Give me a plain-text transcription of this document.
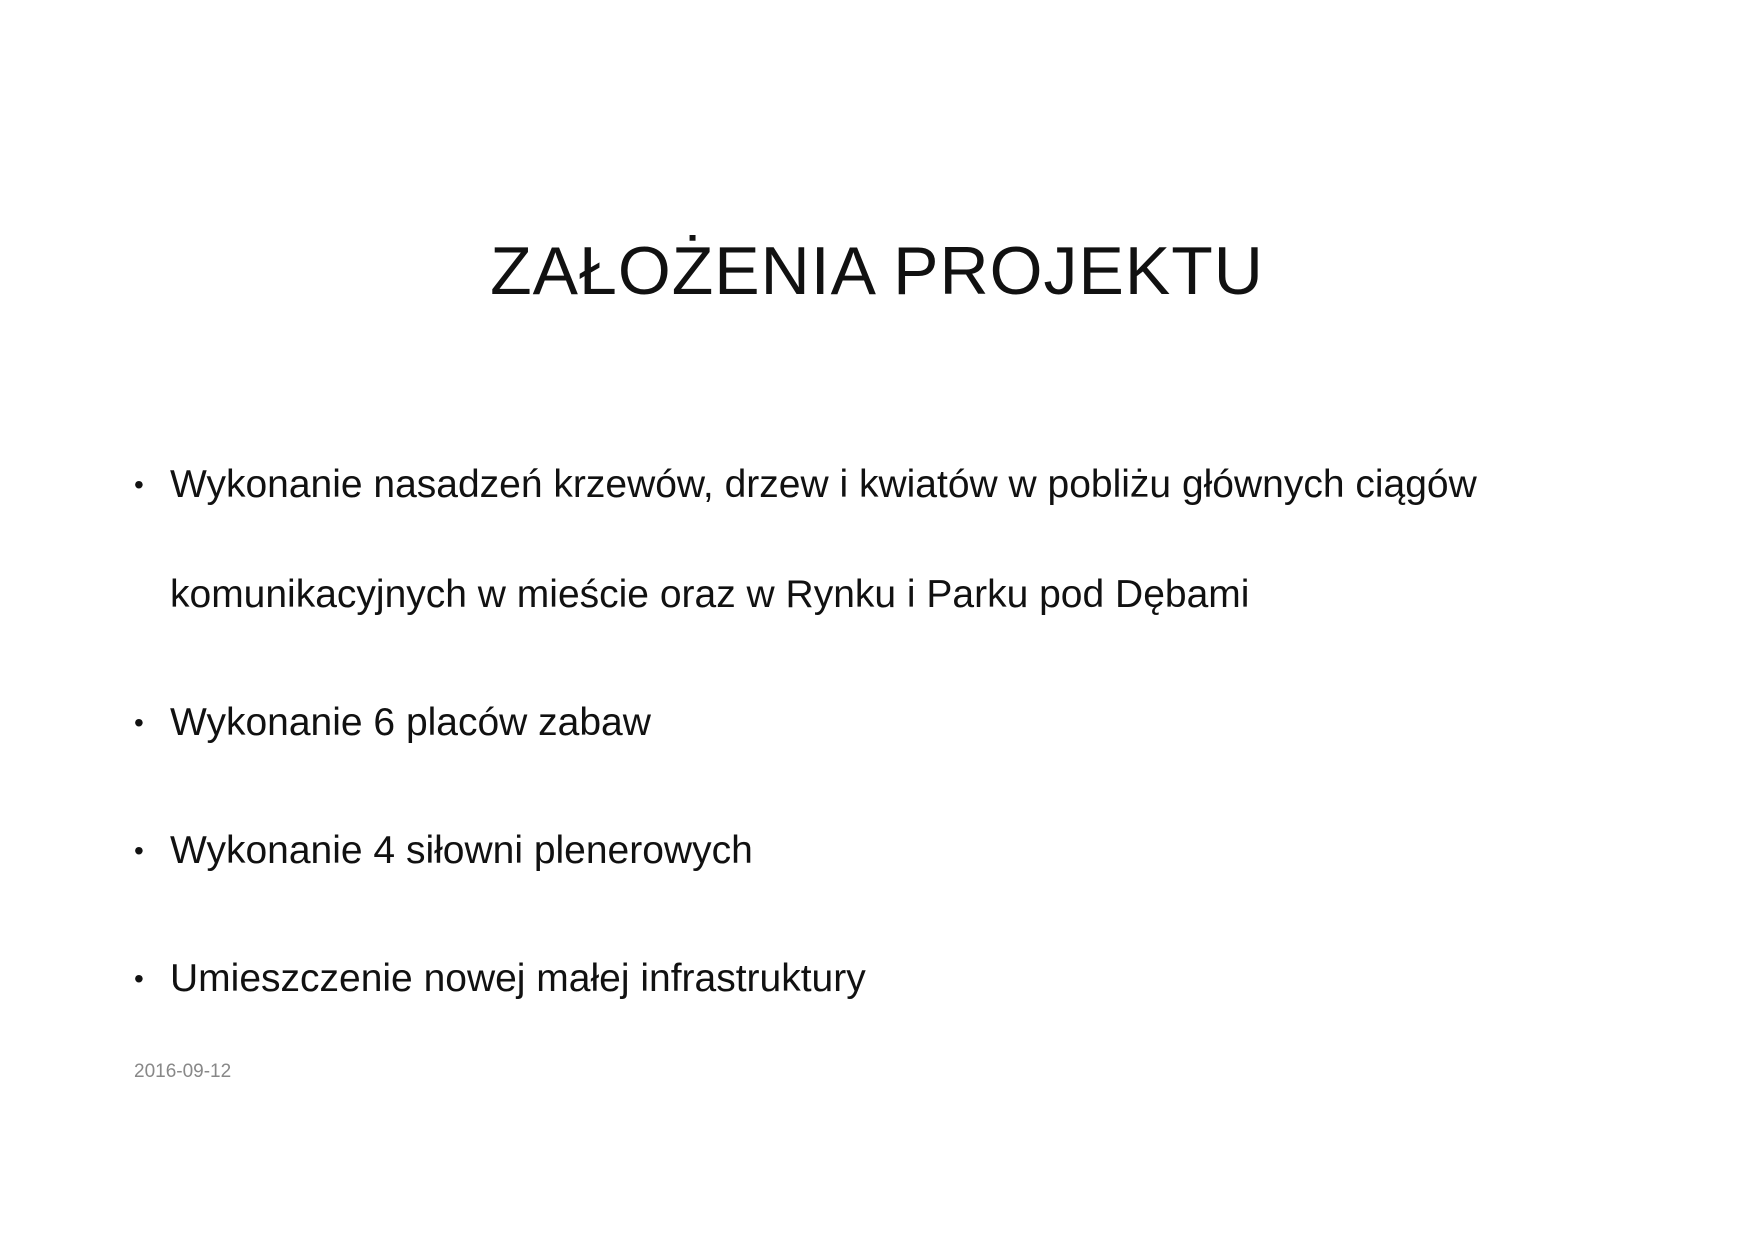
ZAŁOŻENIA PROJEKTU
• Wykonanie nasadzeń krzewów, drzew i kwiatów w pobliżu głównych ciągów komunikacyjnych w mieście oraz w Rynku i Parku pod Dębami
• Wykonanie 6 placów zabaw
• Wykonanie 4 siłowni plenerowych
• Umieszczenie nowej małej infrastruktury
2016-09-12
